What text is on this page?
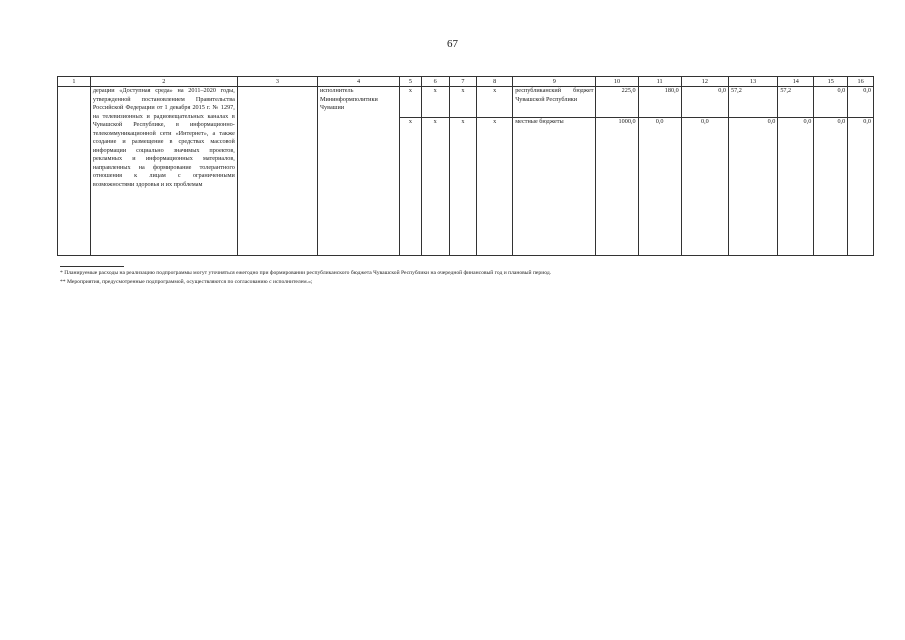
67
1	2	3	4	5	6	7	8	9	10	11	12	13	14	15	16
	дерации «Доступная среда» на 2011–2020 годы, утвержденной постановлением Правительства Российской Федерации от 1 декабря 2015 г. № 1297, на телевизионных и радиовещательных каналах в Чувашской Республике, в информационно-телекоммуникационной сети «Интернет», а также создание и размещение в средствах массовой информации социально значимых проектов, рекламных и информационных материалов, направленных на формирование толерантного отношения к лицам с ограниченными возможностями здоровья и их проблемам		исполнитель Мининформполитики Чувашии	x	x	x	x	республиканский бюджет Чувашской Республики	225,0	180,0	0,0	57,2	57,2	0,0	0,0
				x	x	x	x	местные бюджеты	1000,0	0,0	0,0	0,0	0,0	0,0	0,0
* Планируемые расходы на реализацию подпрограммы могут уточняться ежегодно при формировании республиканского бюджета Чувашской Республики на очередной финансовый год и плановый период.
** Мероприятия, предусмотренные подпрограммой, осуществляются по согласованию с исполнителем.»;
